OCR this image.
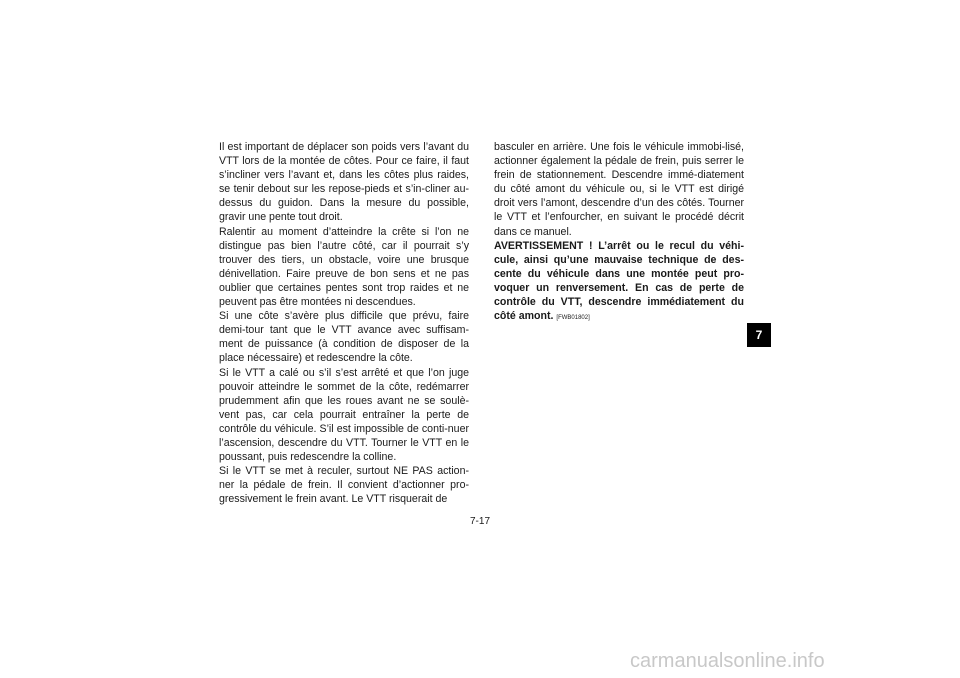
Il est important de déplacer son poids vers l’avant du VTT lors de la montée de côtes. Pour ce faire, il faut s’incliner vers l’avant et, dans les côtes plus raides, se tenir debout sur les repose-pieds et s’in-cliner au-dessus du guidon. Dans la mesure du possible, gravir une pente tout droit.

Ralentir au moment d’atteindre la crête si l’on ne distingue pas bien l’autre côté, car il pourrait s’y trouver des tiers, un obstacle, voire une brusque dénivellation. Faire preuve de bon sens et ne pas oublier que certaines pentes sont trop raides et ne peuvent pas être montées ni descendues.

Si une côte s’avère plus difficile que prévu, faire demi-tour tant que le VTT avance avec suffisam-ment de puissance (à condition de disposer de la place nécessaire) et redescendre la côte.

Si le VTT a calé ou s’il s’est arrêté et que l’on juge pouvoir atteindre le sommet de la côte, redémarrer prudemment afin que les roues avant ne se soulè-vent pas, car cela pourrait entraîner la perte de contrôle du véhicule. S’il est impossible de conti-nuer l’ascension, descendre du VTT. Tourner le VTT en le poussant, puis redescendre la colline.

Si le VTT se met à reculer, surtout NE PAS action-ner la pédale de frein. Il convient d’actionner pro-gressivement le frein avant. Le VTT risquerait de

basculer en arrière. Une fois le véhicule immobi-lisé, actionner également la pédale de frein, puis serrer le frein de stationnement. Descendre immé-diatement du côté amont du véhicule ou, si le VTT est dirigé droit vers l’amont, descendre d’un des côtés. Tourner le VTT et l’enfourcher, en suivant le procédé décrit dans ce manuel.

AVERTISSEMENT ! L’arrêt ou le recul du véhi-cule, ainsi qu’une mauvaise technique de des-cente du véhicule dans une montée peut pro-voquer un renversement. En cas de perte de contrôle du VTT, descendre immédiatement du côté amont. [FWB01802]

7
7-17
carmanualsonline.info
